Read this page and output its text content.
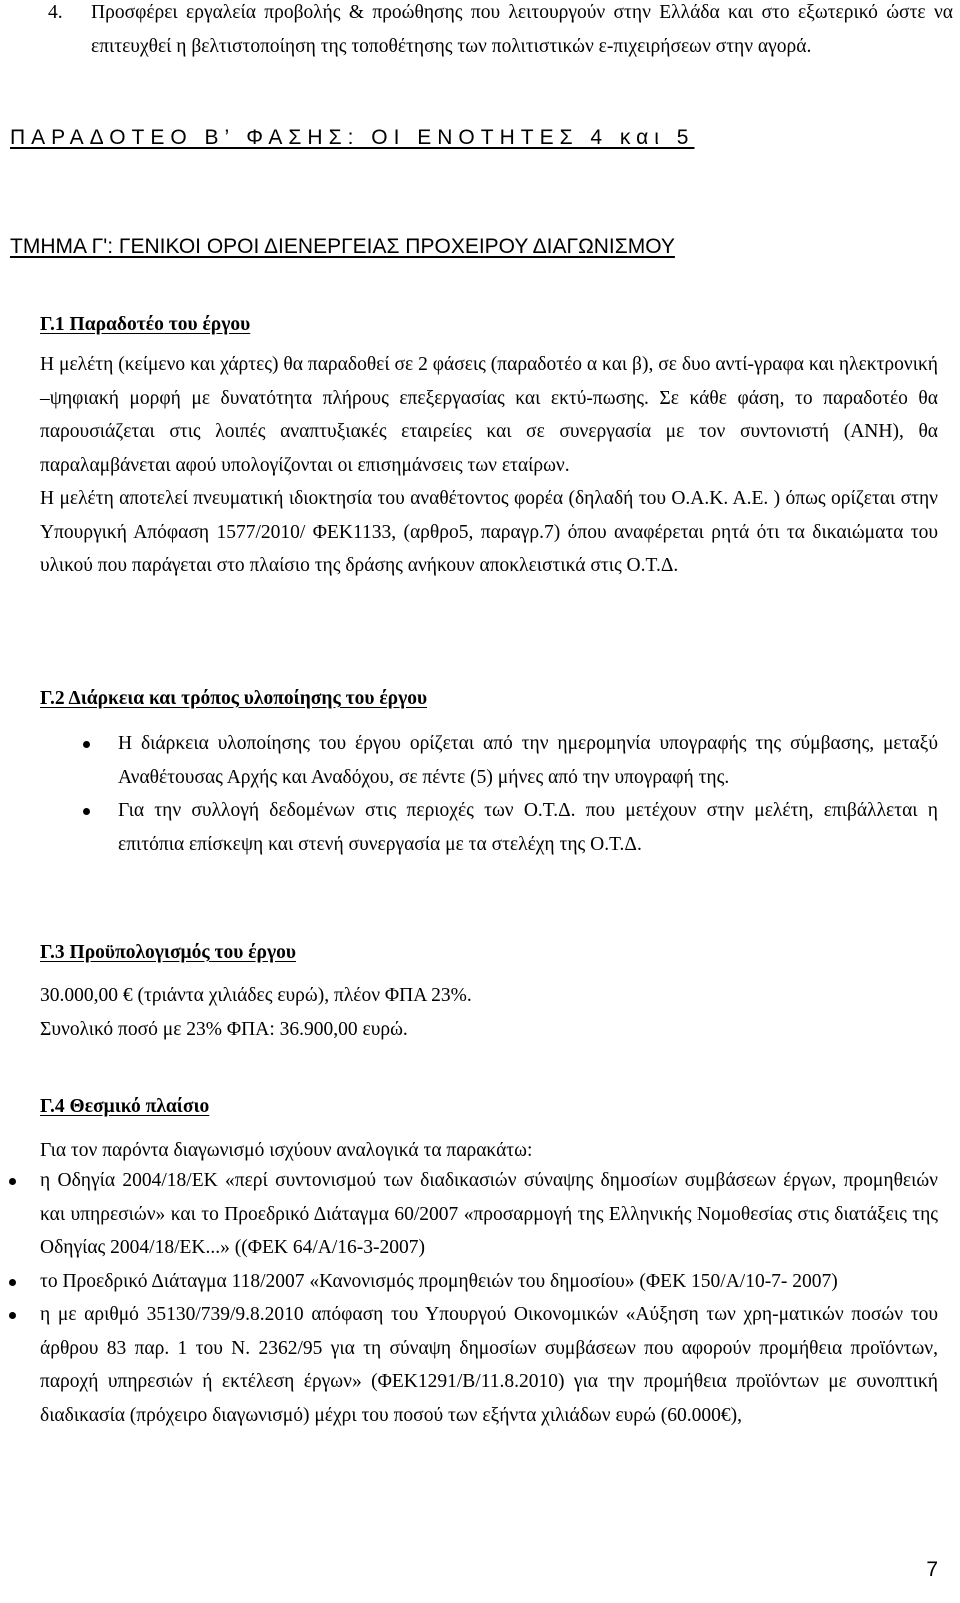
4. Προσφέρει εργαλεία προβολής & προώθησης που λειτουργούν στην Ελλάδα και στο εξωτερικό ώστε να επιτευχθεί η βελτιστοποίηση της τοποθέτησης των πολιτιστικών ε-πιχειρήσεων στην αγορά.
ΠΑΡΑΔΟΤΕΟ Β’ ΦΑΣΗΣ: ΟΙ ΕΝΟΤΗΤΕΣ 4 και 5
ΤΜΗΜΑ Γ': ΓΕΝΙΚΟΙ ΟΡΟΙ ΔΙΕΝΕΡΓΕΙΑΣ ΠΡΟΧΕΙΡΟΥ ΔΙΑΓΩΝΙΣΜΟΥ
Γ.1 Παραδοτέο του έργου

Η μελέτη (κείμενο και χάρτες) θα παραδοθεί σε 2 φάσεις (παραδοτέο α και β), σε δυο αντί-γραφα και ηλεκτρονική –ψηφιακή μορφή με δυνατότητα πλήρους επεξεργασίας και εκτύ-πωσης. Σε κάθε φάση, το παραδοτέο θα παρουσιάζεται στις λοιπές αναπτυξιακές εταιρείες και σε συνεργασία με τον συντονιστή (ΑΝΗ), θα παραλαμβάνεται αφού υπολογίζονται οι επισημάνσεις των εταίρων.

Η μελέτη αποτελεί πνευματική ιδιοκτησία του αναθέτοντος φορέα (δηλαδή του Ο.Α.Κ. Α.Ε. ) όπως ορίζεται στην Υπουργική Απόφαση 1577/2010/ ΦΕΚ1133, (αρθρο5, παραγρ.7) όπου αναφέρεται ρητά ότι τα δικαιώματα του υλικού που παράγεται στο πλαίσιο της δράσης ανήκουν αποκλειστικά στις Ο.Τ.Δ.

Γ.2 Διάρκεια και τρόπος υλοποίησης του έργου
Η διάρκεια υλοποίησης του έργου ορίζεται από την ημερομηνία υπογραφής της σύμβασης, μεταξύ Αναθέτουσας Αρχής και Αναδόχου, σε πέντε (5) μήνες από την υπογραφή της.
Για την συλλογή δεδομένων στις περιοχές των Ο.Τ.Δ. που μετέχουν στην μελέτη, επιβάλλεται η επιτόπια επίσκεψη και στενή συνεργασία με τα στελέχη της Ο.Τ.Δ.
Γ.3 Προϋπολογισμός του έργου
30.000,00 € (τριάντα χιλιάδες ευρώ), πλέον ΦΠΑ 23%.
Συνολικό ποσό με 23% ΦΠΑ: 36.900,00 ευρώ.
Γ.4 Θεσμικό πλαίσιο
Για τον παρόντα διαγωνισμό ισχύουν αναλογικά τα παρακάτω:
η Οδηγία 2004/18/ΕΚ «περί συντονισμού των διαδικασιών σύναψης δημοσίων συμβάσεων έργων, προμηθειών και υπηρεσιών» και το Προεδρικό Διάταγμα 60/2007 «προσαρμογή της Ελληνικής Νομοθεσίας στις διατάξεις της Οδηγίας 2004/18/ΕΚ...» ((ΦΕΚ 64/Α/16-3-2007)
το Προεδρικό Διάταγμα 118/2007 «Κανονισμός προμηθειών του δημοσίου» (ΦΕΚ 150/Α/10-7- 2007)
η με αριθμό 35130/739/9.8.2010 απόφαση του Υπουργού Οικονομικών «Αύξηση των χρη-ματικών ποσών του άρθρου 83 παρ. 1 του Ν. 2362/95 για τη σύναψη δημοσίων συμβάσεων που αφορούν προμήθεια προϊόντων, παροχή υπηρεσιών ή εκτέλεση έργων» (ΦΕΚ1291/Β/11.8.2010) για την προμήθεια προϊόντων με συνοπτική διαδικασία (πρόχειρο διαγωνισμό) μέχρι του ποσού των εξήντα χιλιάδων ευρώ (60.000€),
7
